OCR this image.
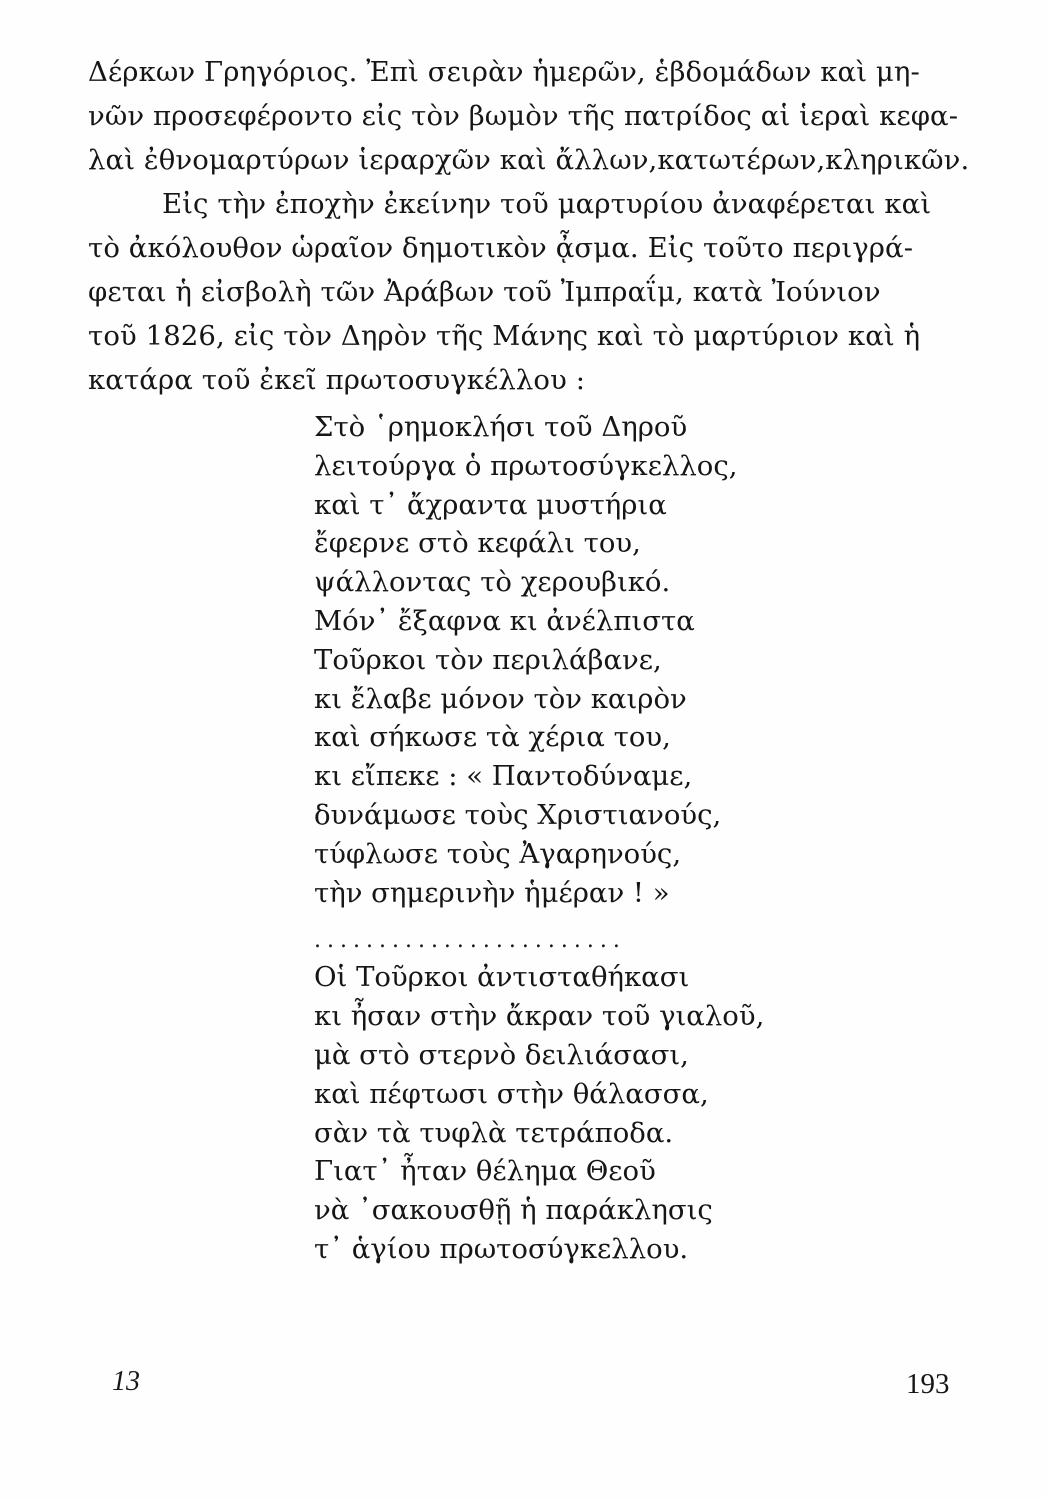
Δέρκων Γρηγόριος. Ἐπὶ σειρὰν ἡμερῶν, ἑβδομάδων καὶ μη-
νῶν προσεφέροντο εἰς τὸν βωμὸν τῆς πατρίδος αἱ ἱεραὶ κεφα-
λαὶ ἐθνομαρτύρων ἱεραρχῶν καὶ ἄλλων,κατωτέρων,κληρικῶν.
Εἰς τὴν ἐποχὴν ἐκείνην τοῦ μαρτυρίου ἀναφέρεται καὶ
τὸ ἀκόλουθον ὡραῖον δημοτικὸν ᾆσμα. Εἰς τοῦτο περιγρά-
φεται ἡ εἰσβολὴ τῶν Ἀράβων τοῦ Ἰμπραΐμ, κατὰ Ἰούνιον
τοῦ 1826, εἰς τὸν Δηρὸν τῆς Μάνης καὶ τὸ μαρτύριον καὶ ἡ
κατάρα τοῦ ἐκεῖ πρωτοσυγκέλλου :
Στὸ ῾ρημοκλήσι τοῦ Δηροῦ
λειτούργα ὁ πρωτοσύγκελλος,
καὶ τ᾿ ἄχραντα μυστήρια
ἔφερνε στὸ κεφάλι του,
ψάλλοντας τὸ χερουβικό.
Μόν᾿ ἔξαφνα κι ἀνέλπιστα
Τοῦρκοι τὸν περιλάβανε,
κι ἔλαβε μόνον τὸν καιρὸν
καὶ σήκωσε τὰ χέρια του,
κι εἴπεκε : « Παντοδύναμε,
δυνάμωσε τοὺς Χριστιανούς,
τύφλωσε τοὺς Ἀγαρηνούς,
τὴν σημερινὴν ἡμέραν ! »
........................
Οἱ Τοῦρκοι ἀντισταθήκασι
κι ἦσαν στὴν ἄκραν τοῦ γιαλοῦ,
μὰ στὸ στερνὸ δειλιάσασι,
καὶ πέφτωσι στὴν θάλασσα,
σὰν τὰ τυφλὰ τετράποδα.
Γιατ᾿ ἦταν θέλημα Θεοῦ
νὰ ᾿σακουσθῇ ἡ παράκλησις
τ᾿ ἁγίου πρωτοσύγκελλου.
13	193
